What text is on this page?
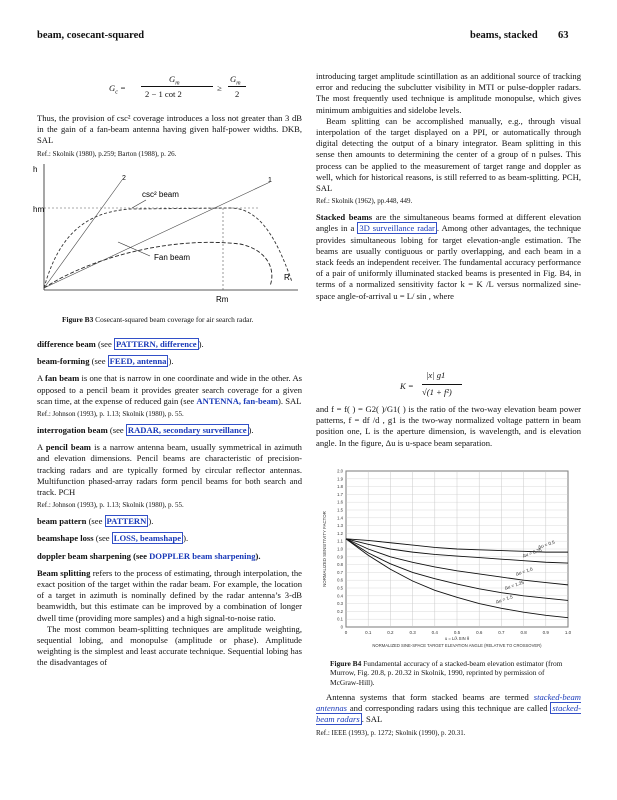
beam, cosecant-squared	beams, stacked 63
$G_c$ =
$G_m$
2 − 1 cot 2
≥
$G_m$
2

Thus, the provision of csc² coverage introduces a loss not greater than 3 dB in the gain of a fan-beam antenna having given half-power widths. DKB, SAL

Ref.: Skolnik (1980), p.259; Barton (1988), p. 26.

h
hm
2	1
csc² beam
Fan beam
R
Rm
Figure B3 Cosecant-squared beam coverage for air search radar.

difference beam (see PATTERN, difference ).

beam-forming (see FEED, antenna ).

A fan beam is one that is narrow in one coordinate and wide in the other. As opposed to a pencil beam it provides greater search coverage for a given scan time, at the expense of reduced gain (see ANTENNA, fan-beam). SAL

Ref.: Johnson (1993), p. 1.13; Skolnik (1980), p. 55.

interrogation beam (see RADAR, secondary surveillance ).

A pencil beam is a narrow antenna beam, usually symmetrical in azimuth and elevation dimensions. Pencil beams are characteristic of precision-tracking radars and are typically formed by circular reflector antennas. Multifunction phased-array radars form pencil beams for both search and track. PCH

Ref.: Johnson (1993), p. 1.13; Skolnik (1980), p. 55.

beam pattern (see PATTERN ).

beamshape loss (see LOSS, beamshape ).

doppler beam sharpening (see DOPPLER beam sharpening).

Beam splitting refers to the process of estimating, through interpolation, the exact position of the target within the radar beam. For example, the location of a target in azimuth is nominally defined by the radar antenna’s 3-dB beamwidth, but this estimate can be improved by a combination of longer dwell time (providing more samples) and a high signal-to-noise ratio.

The most common beam-splitting techniques are amplitude weighting, sequential lobing, and monopulse (amplitude or phase). Amplitude weighting is the simplest and least accurate technique. Sequential lobing has the disadvantages of

introducing target amplitude scintillation as an additional source of tracking error and reducing the subclutter visibility in MTI or pulse-doppler radars. The most frequently used technique is amplitude monopulse, which gives minimum ambiguities and sidelobe levels.

Beam splitting can be accomplished manually, e.g., through visual interpolation of the target displayed on a PPI, or automatically through digital detecting the output of a binary integrator. Beam splitting in this sense then amounts to determining the center of a group of n pulses. This process can be applied to the measurement of target range and doppler as well, which for historical reasons, is still referred to as beam-splitting. PCH, SAL

Ref.: Skolnik (1962), pp.448, 449.

Stacked beams are the simultaneous beams formed at different elevation angles in a 3D surveillance radar . Among other advantages, the technique provides simultaneous lobing for target elevation-angle estimation. The beams are usually contiguous or partly overlapping, and each beam in a stack feeds an independent receiver. The fundamental accuracy performance of a pair of uniformly illuminated stacked beams is presented in Fig. B4, in terms of a normalized sensitivity factor k = K /L versus normalized sine-space angle-of-arrival u = L/ sin , where

K =
|x| g1
√(1 + f²)

and f = f( ) = G2( )/G1( ) is the ratio of the two-way elevation beam power patterns, f = df /d , g1 is the two-way normalized voltage pattern in beam position one, L is the aperture dimension, is wavelength, and is elevation angle. In the figure, Δu is u-space beam separation.

0	0.1	0.2	0.3	0.4	0.5	0.6	0.7	0.8	0.9	1.0
0
0.1
0.2
0.3
0.4
0.5
0.6
0.7
0.8
0.9
1.0
1.1
1.2
1.3
1.4
1.5
1.6
1.7
1.8
1.9
2.0
NORMALIZED SENSITIVITY FACTOR
NORMALIZED SINE-SPACE TARGET ELEVATION ANGLE (RELATIVE TO CROSSOVER)
u = L/λ SIN θ
Δu = 0.5
Δu = 0.75
Δu = 1.0
Δu = 1.25
Δu = 1.5
Figure B4 Fundamental accuracy of a stacked-beam elevation estimator (from Murrow, Fig. 20.8, p. 20.32 in Skolnik, 1990, reprinted by permission of McGraw-Hill).

Antenna systems that form stacked beams are termed stacked-beam antennas and corresponding radars using this technique are called stacked-beam radars . SAL

Ref.: IEEE (1993), p. 1272; Skolnik (1990), p. 20.31.
